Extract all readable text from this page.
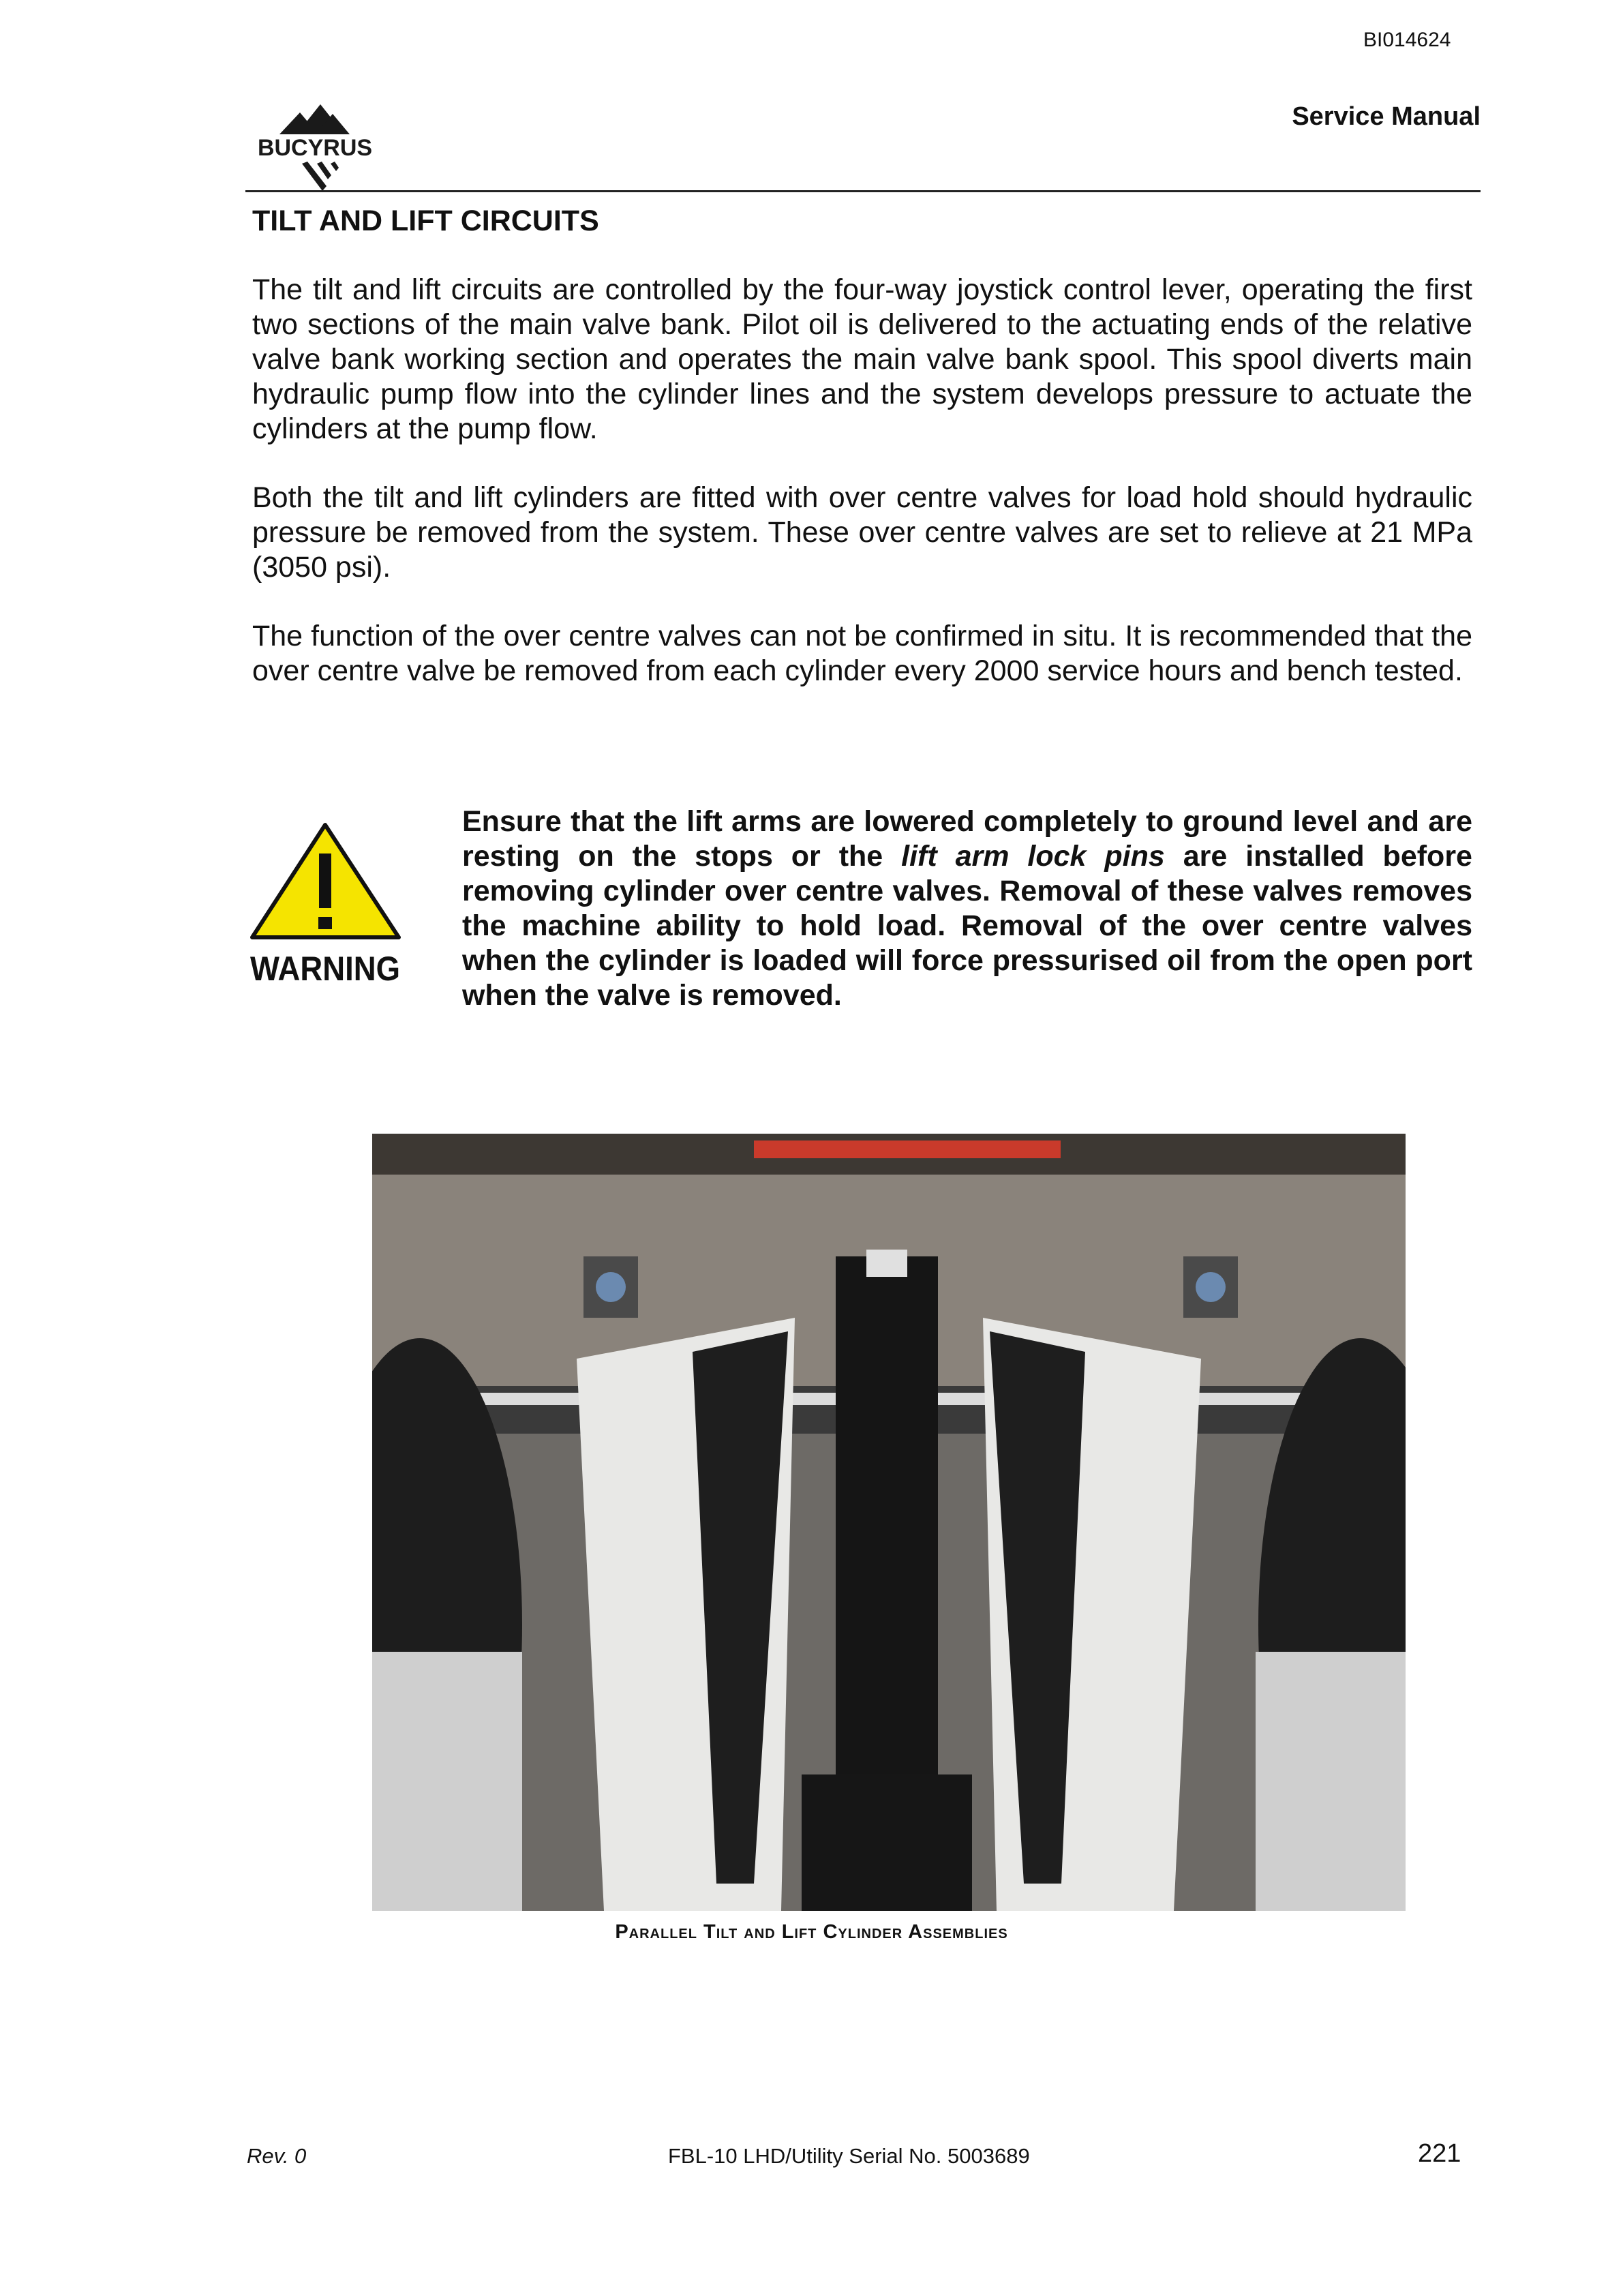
BI014624
BUCYRUS
Service Manual
TILT AND LIFT CIRCUITS

The tilt and lift circuits are controlled by the four-way joystick control lever, operating the first two sections of the main valve bank. Pilot oil is delivered to the actuating ends of the relative valve bank working section and operates the main valve bank spool. This spool diverts main hydraulic pump flow into the cylinder lines and the system develops pressure to actuate the cylinders at the pump flow.

Both the tilt and lift cylinders are fitted with over centre valves for load hold should hydraulic pressure be removed from the system. These over centre valves are set to relieve at 21 MPa (3050 psi).

The function of the over centre valves can not be confirmed in situ. It is recommended that the over centre valve be removed from each cylinder every 2000 service hours and bench tested.

WARNING

Ensure that the lift arms are lowered completely to ground level and are resting on the stops or the lift arm lock pins are installed before removing cylinder over centre valves. Removal of these valves removes the machine ability to hold load. Removal of the over centre valves when the cylinder is loaded will force pressurised oil from the open port when the valve is removed.

Parallel Tilt and Lift Cylinder Assemblies
Rev. 0	FBL-10 LHD/Utility Serial No. 5003689	221
